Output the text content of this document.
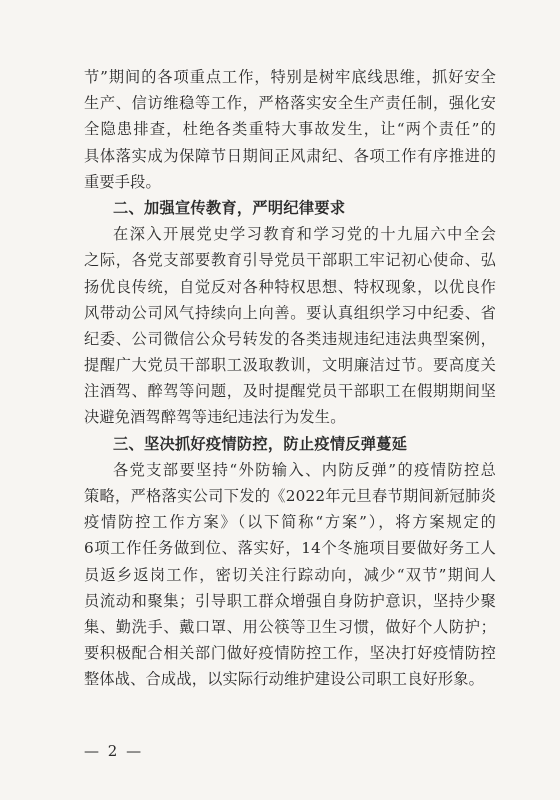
节”期间的各项重点工作，特别是树牢底线思维，抓好安全
生产、信访维稳等工作，严格落实安全生产责任制，强化安
全隐患排查，杜绝各类重特大事故发生，让“两个责任”的
具体落实成为保障节日期间正风肃纪、各项工作有序推进的
重要手段。
二、加强宣传教育，严明纪律要求
在深入开展党史学习教育和学习党的十九届六中全会
之际，各党支部要教育引导党员干部职工牢记初心使命、弘
扬优良传统，自觉反对各种特权思想、特权现象，以优良作
风带动公司风气持续向上向善。要认真组织学习中纪委、省
纪委、公司微信公众号转发的各类违规违纪违法典型案例，
提醒广大党员干部职工汲取教训，文明廉洁过节。要高度关
注酒驾、醉驾等问题，及时提醒党员干部职工在假期期间坚
决避免酒驾醉驾等违纪违法行为发生。
三、坚决抓好疫情防控，防止疫情反弹蔓延
各党支部要坚持“外防输入、内防反弹”的疫情防控总
策略，严格落实公司下发的《2022年元旦春节期间新冠肺炎
疫情防控工作方案》（以下简称“方案”），将方案规定的
6项工作任务做到位、落实好，14个冬施项目要做好务工人
员返乡返岗工作，密切关注行踪动向，减少“双节”期间人
员流动和聚集；引导职工群众增强自身防护意识，坚持少聚
集、勤洗手、戴口罩、用公筷等卫生习惯，做好个人防护；
要积极配合相关部门做好疫情防控工作，坚决打好疫情防控
整体战、合成战，以实际行动维护建设公司职工良好形象。
— 2 —
